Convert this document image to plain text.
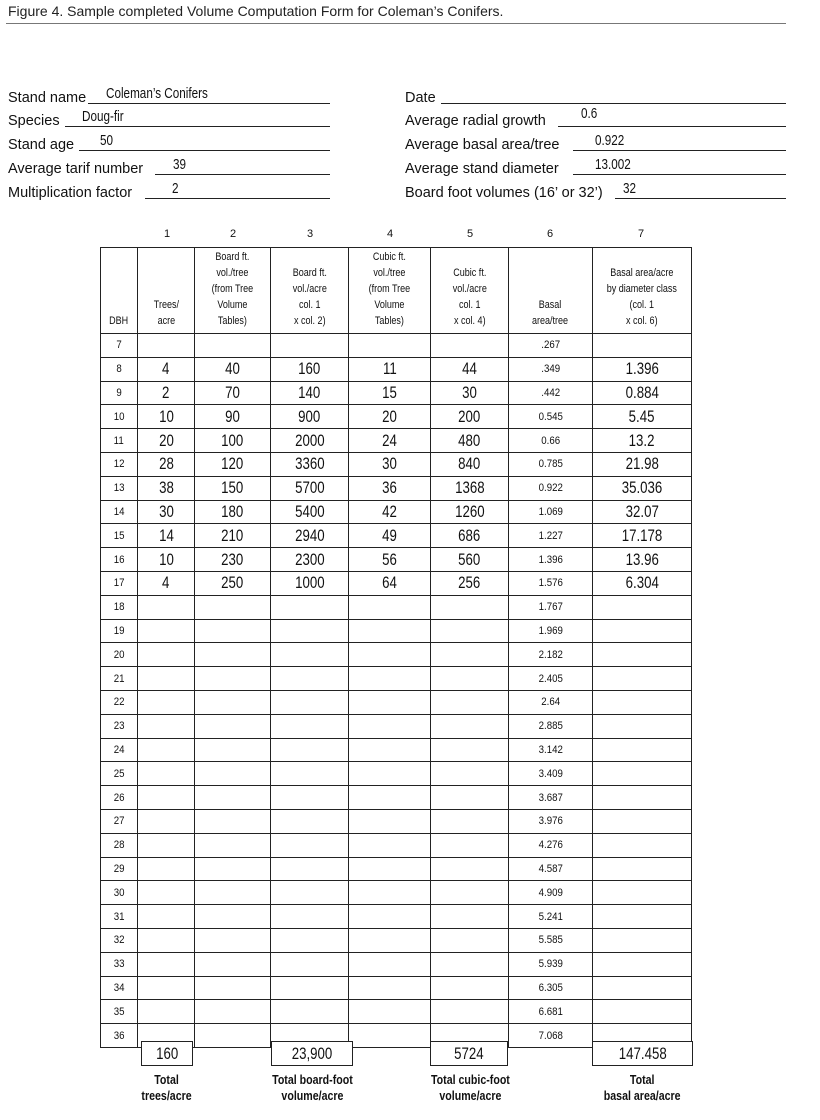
Figure 4. Sample completed Volume Computation Form for Coleman’s Conifers.
Stand name Coleman’s Conifers
Species Doug-fir
Stand age 50
Average tarif number 39
Multiplication factor	2
Date
Average radial growth 0.6
Average basal area/tree 0.922
Average stand diameter 13.002
Board foot volumes (16’ or 32’) 32
1	2	3	4	5	6	7
DBH	Trees/
acre	Board ft.
vol./tree
(from Tree
Volume
Tables)	Board ft.
vol./acre
col. 1
x col. 2)	Cubic ft.
vol./tree
(from Tree
Volume
Tables)	Cubic ft.
vol./acre
col. 1
x col. 4)	Basal
area/tree	Basal area/acre
by diameter class
(col. 1
x col. 6)
7						.267	
8	4	40	160	11	44	.349	1.396
9	2	70	140	15	30	.442	0.884
10	10	90	900	20	200	0.545	5.45
11	20	100	2000	24	480	0.66	13.2
12	28	120	3360	30	840	0.785	21.98
13	38	150	5700	36	1368	0.922	35.036
14	30	180	5400	42	1260	1.069	32.07
15	14	210	2940	49	686	1.227	17.178
16	10	230	2300	56	560	1.396	13.96
17	4	250	1000	64	256	1.576	6.304
18						1.767	
19						1.969	
20						2.182	
21						2.405	
22						2.64	
23						2.885	
24						3.142	
25						3.409	
26						3.687	
27						3.976	
28						4.276	
29						4.587	
30						4.909	
31						5.241	
32						5.585	
33						5.939	
34						6.305	
35						6.681	
36						7.068	
160	23,900	5724	147.458
Total
trees/acre
Total board-foot
volume/acre
Total cubic-foot
volume/acre
Total
basal area/acre
